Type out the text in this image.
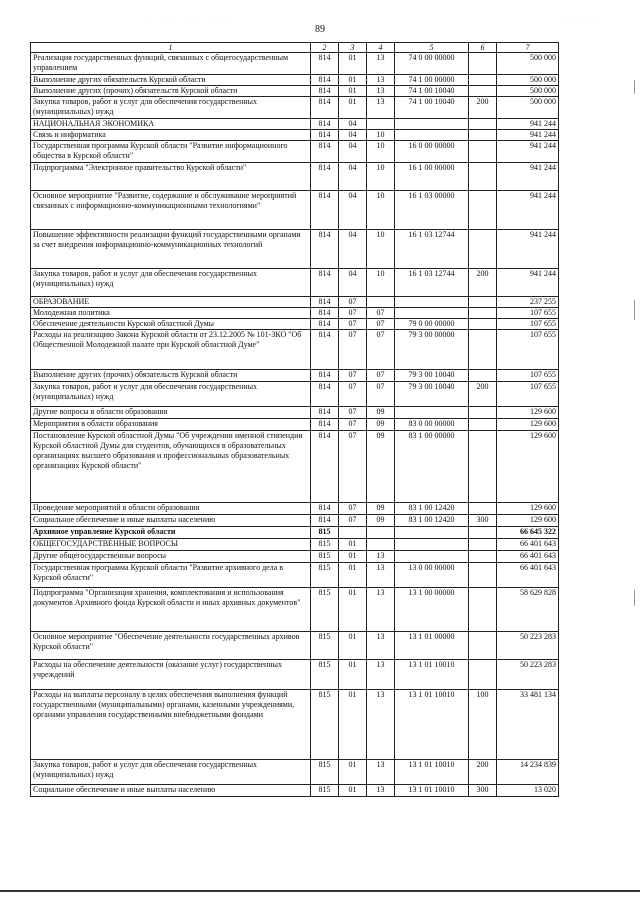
· · · · · · · ·	· · · ·
89
1	2	3	4	5	6	7
Реализация государственных функций, связанных с общегосударственным управлением	814	01	13	74 0 00 00000		500 000
Выполнение других обязательств Курской области	814	01	13	74 1 00 00000		500 000
Выполнение других (прочих) обязательств Курской области	814	01	13	74 1 00 10040		500 000
Закупка товаров, работ и услуг для обеспечения государственных (муниципальных) нужд	814	01	13	74 1 00 10040	200	500 000
НАЦИОНАЛЬНАЯ ЭКОНОМИКА	814	04				941 244
Связь и информатика	814	04	10			941 244
Государственная программа Курской области "Развитие информационного общества в Курской области"	814	04	10	16 0 00 00000		941 244
Подпрограмма "Электронное правительство Курской области"	814	04	10	16 1 00 00000		941 244
Основное мероприятие "Развитие, содержание и обслуживание мероприятий связанных с информационно-коммуникационными технологиями"	814	04	10	16 1 03 00000		941 244
Повышение эффективности реализации функций государственными органами за счет внедрения информационно-коммуникационных технологий	814	04	10	16 1 03 12744		941 244
Закупка товаров, работ и услуг для обеспечения государственных (муниципальных) нужд	814	04	10	16 1 03 12744	200	941 244
ОБРАЗОВАНИЕ	814	07				237 255
Молодежная политика	814	07	07			107 655
Обеспечение деятельности Курской областной Думы	814	07	07	79 0 00 00000		107 655
Расходы на реализацию Закона Курской области от 23.12.2005 № 101-ЗКО "Об Общественной Молодежной палате при Курской областной Думе"	814	07	07	79 3 00 00000		107 655
Выполнение других (прочих) обязательств Курской области	814	07	07	79 3 00 10040		107 655
Закупка товаров, работ и услуг для обеспечения государственных (муниципальных) нужд	814	07	07	79 3 00 10040	200	107 655
Другие вопросы в области образования	814	07	09			129 600
Мероприятия в области образования	814	07	09	83 0 00 00000		129 600
Постановление Курской областной Думы "Об учреждении именной стипендии Курской областной Думы для студентов, обучающихся в образовательных организациях высшего образования и профессиональных образовательных организациях Курской области"	814	07	09	83 1 00 00000		129 600
Проведение мероприятий в области образования	814	07	09	83 1 00 12420		129 600
Социальное обеспечение и иные выплаты населению	814	07	09	83 1 00 12420	300	129 600
Архивное управление Курской области	815					66 645 322
ОБЩЕГОСУДАРСТВЕННЫЕ ВОПРОСЫ	815	01				66 401 643
Другие общегосударственные вопросы	815	01	13			66 401 643
Государственная программа Курской области "Развитие архивного дела в Курской области"	815	01	13	13 0 00 00000		66 401 643
Подпрограмма "Организация хранения, комплектования и использования документов Архивного фонда Курской области и иных архивных документов"	815	01	13	13 1 00 00000		58 629 828
Основное мероприятие "Обеспечение деятельности государственных архивов Курской области"	815	01	13	13 1 01 00000		50 223 283
Расходы на обеспечение деятельности (оказание услуг) государственных учреждений	815	01	13	13 1 01 10010		50 223 283
Расходы на выплаты персоналу в целях обеспечения выполнения функций государственными (муниципальными) органами, казенными учреждениями, органами управления государственными внебюджетными фондами	815	01	13	13 1 01 10010	100	33 481 134
Закупка товаров, работ и услуг для обеспечения государственных (муниципальных) нужд	815	01	13	13 1 01 10010	200	14 234 839
Социальное обеспечение и иные выплаты населению	815	01	13	13 1 01 10010	300	13 020
